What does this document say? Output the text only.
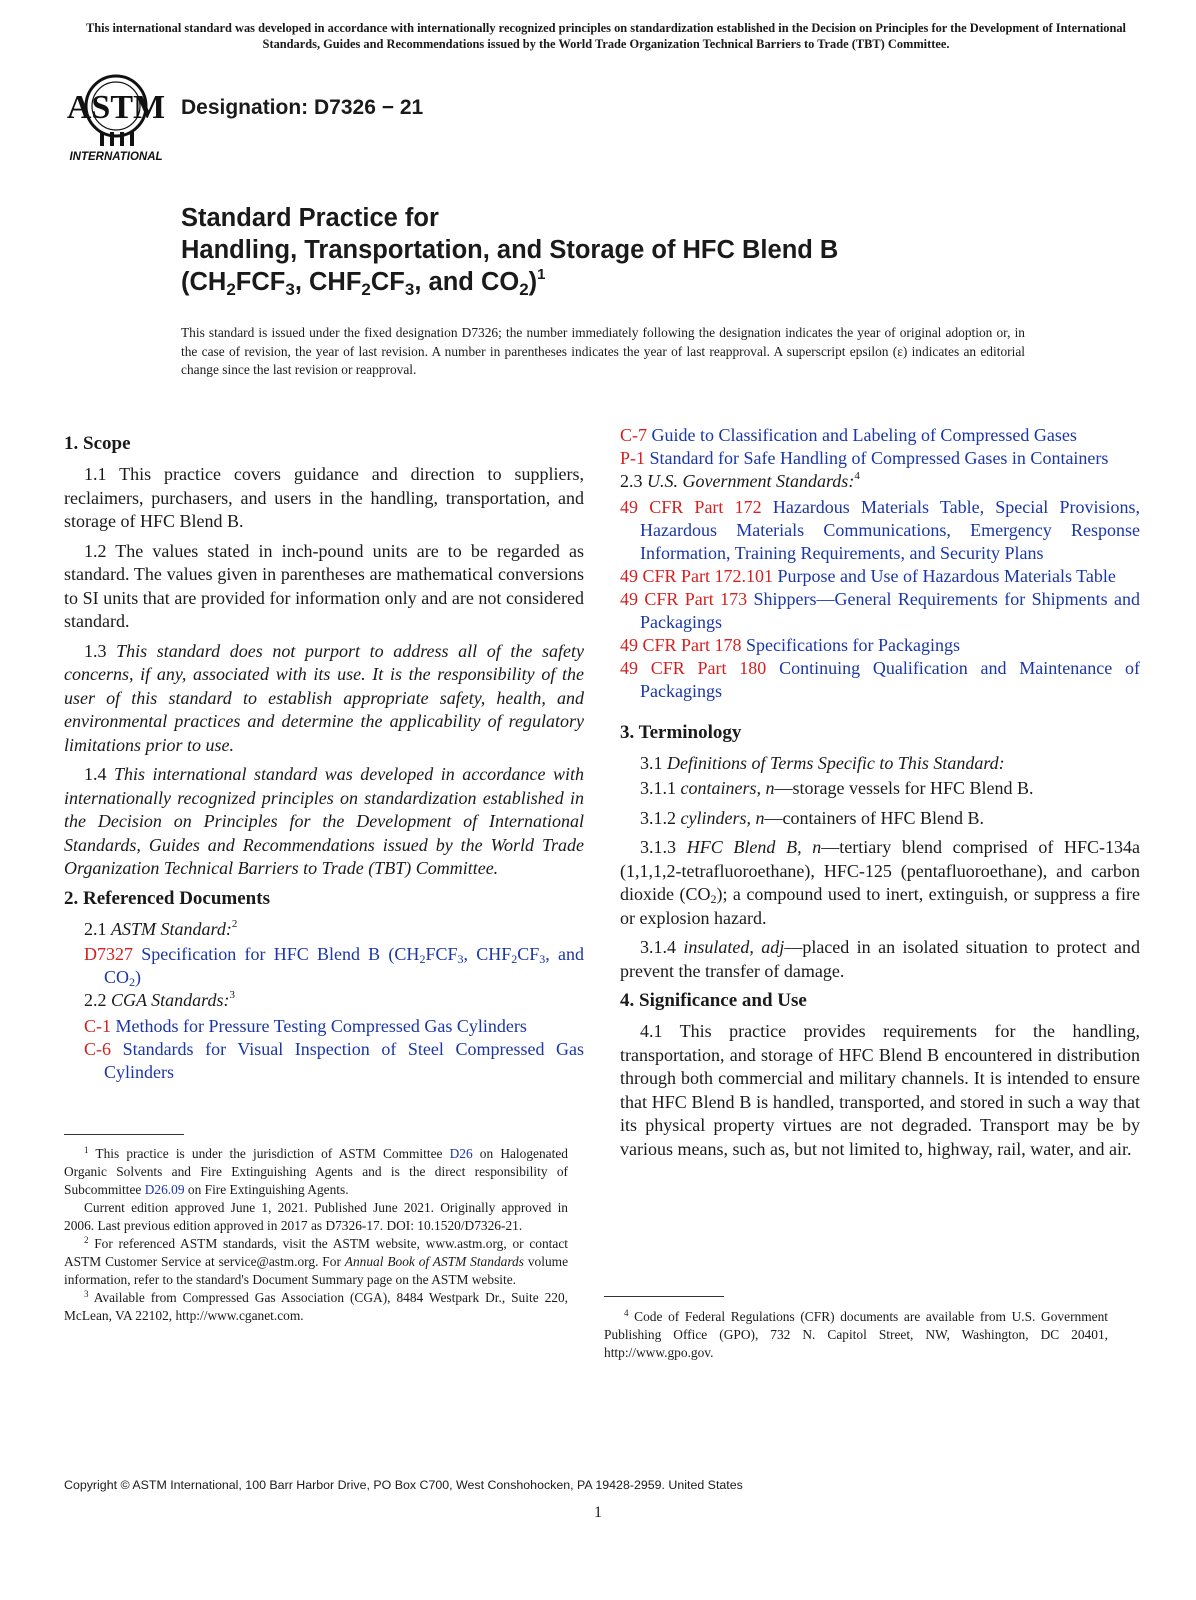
This international standard was developed in accordance with internationally recognized principles on standardization established in the Decision on Principles for the Development of International Standards, Guides and Recommendations issued by the World Trade Organization Technical Barriers to Trade (TBT) Committee.
ASTM
INTERNATIONAL
Designation: D7326 − 21
Standard Practice for
Handling, Transportation, and Storage of HFC Blend B
($CH_2FCF_3$, $CHF_2CF_3$, and $CO_2)^1$
This standard is issued under the fixed designation D7326; the number immediately following the designation indicates the year of original adoption or, in the case of revision, the year of last revision. A number in parentheses indicates the year of last reapproval. A superscript epsilon (ε) indicates an editorial change since the last revision or reapproval.
1. Scope

1.1 This practice covers guidance and direction to suppliers, reclaimers, purchasers, and users in the handling, transportation, and storage of HFC Blend B.

1.2 The values stated in inch-pound units are to be regarded as standard. The values given in parentheses are mathematical conversions to SI units that are provided for information only and are not considered standard.

1.3 This standard does not purport to address all of the safety concerns, if any, associated with its use. It is the responsibility of the user of this standard to establish appropriate safety, health, and environmental practices and determine the applicability of regulatory limitations prior to use.

1.4 This international standard was developed in accordance with internationally recognized principles on standardization established in the Decision on Principles for the Development of International Standards, Guides and Recommendations issued by the World Trade Organization Technical Barriers to Trade (TBT) Committee.

2. Referenced Documents

2.1 ASTM Standard:$^2$

D7327 Specification for HFC Blend B ($CH_2FCF_3$, $CHF_2CF_3$, and $CO_2$)

2.2 CGA Standards:$^3$

C-1 Methods for Pressure Testing Compressed Gas Cylinders

C-6 Standards for Visual Inspection of Steel Compressed Gas Cylinders

$^1$ This practice is under the jurisdiction of ASTM Committee D26 on Halogenated Organic Solvents and Fire Extinguishing Agents and is the direct responsibility of Subcommittee D26.09 on Fire Extinguishing Agents.

Current edition approved June 1, 2021. Published June 2021. Originally approved in 2006. Last previous edition approved in 2017 as D7326-17. DOI: 10.1520/D7326-21.

$^2$ For referenced ASTM standards, visit the ASTM website, www.astm.org, or contact ASTM Customer Service at service@astm.org. For Annual Book of ASTM Standards volume information, refer to the standard's Document Summary page on the ASTM website.

$^3$ Available from Compressed Gas Association (CGA), 8484 Westpark Dr., Suite 220, McLean, VA 22102, http://www.cganet.com.

C-7 Guide to Classification and Labeling of Compressed Gases

P-1 Standard for Safe Handling of Compressed Gases in Containers

2.3 U.S. Government Standards:$^4$

49 CFR Part 172 Hazardous Materials Table, Special Provisions, Hazardous Materials Communications, Emergency Response Information, Training Requirements, and Security Plans

49 CFR Part 172.101 Purpose and Use of Hazardous Materials Table

49 CFR Part 173 Shippers—General Requirements for Shipments and Packagings

49 CFR Part 178 Specifications for Packagings

49 CFR Part 180 Continuing Qualification and Maintenance of Packagings

3. Terminology

3.1 Definitions of Terms Specific to This Standard:

3.1.1 containers, n—storage vessels for HFC Blend B.

3.1.2 cylinders, n—containers of HFC Blend B.

3.1.3 HFC Blend B, n—tertiary blend comprised of HFC-134a (1,1,1,2-tetrafluoroethane), HFC-125 (pentafluoroethane), and carbon dioxide $(CO_2)$; a compound used to inert, extinguish, or suppress a fire or explosion hazard.

3.1.4 insulated, adj—placed in an isolated situation to protect and prevent the transfer of damage.

4. Significance and Use

4.1 This practice provides requirements for the handling, transportation, and storage of HFC Blend B encountered in distribution through both commercial and military channels. It is intended to ensure that HFC Blend B is handled, transported, and stored in such a way that its physical property virtues are not degraded. Transport may be by various means, such as, but not limited to, highway, rail, water, and air.

$^4$ Code of Federal Regulations (CFR) documents are available from U.S. Government Publishing Office (GPO), 732 N. Capitol Street, NW, Washington, DC 20401, http://www.gpo.gov.

Copyright © ASTM International, 100 Barr Harbor Drive, PO Box C700, West Conshohocken, PA 19428-2959. United States
1
